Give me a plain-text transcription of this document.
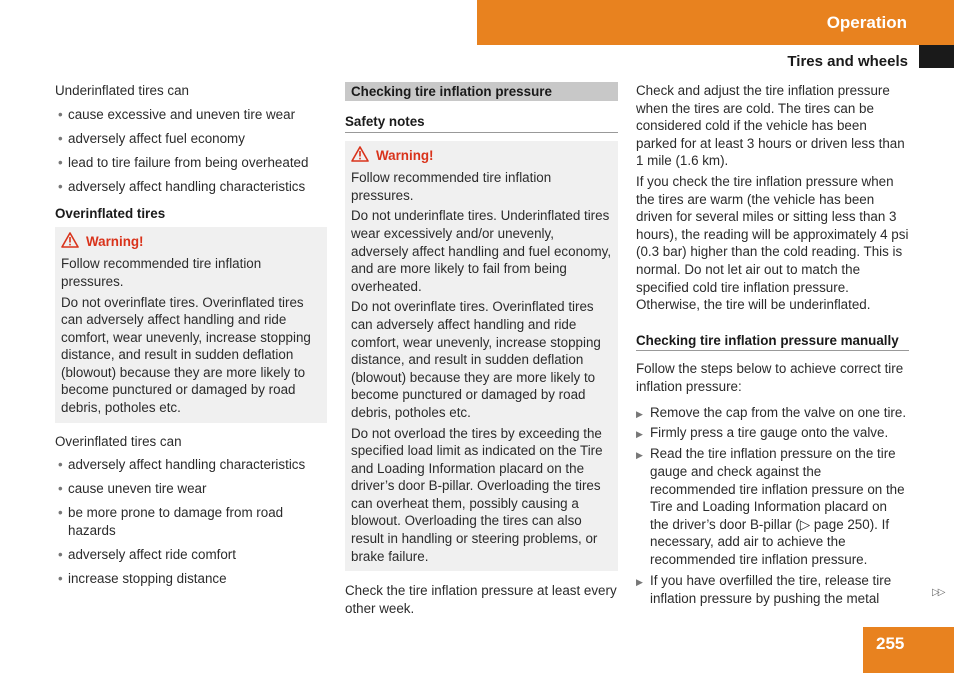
Operation
Tires and wheels

Underinflated tires can

• cause excessive and uneven tire wear
• adversely affect fuel economy
• lead to tire failure from being overheated
• adversely affect handling characteristics
Overinflated tires
Warning!

Follow recommended tire inflation pressures.

Do not overinflate tires. Overinflated tires can adversely affect handling and ride comfort, wear unevenly, increase stopping distance, and result in sudden deflation (blowout) because they are more likely to become punctured or damaged by road debris, potholes etc.

Overinflated tires can

• adversely affect handling characteristics
• cause uneven tire wear
• be more prone to damage from road hazards
• adversely affect ride comfort
• increase stopping distance
Checking tire inflation pressure
Safety notes
Warning!

Follow recommended tire inflation pressures.

Do not underinflate tires. Underinflated tires wear excessively and/or unevenly, adversely affect handling and fuel economy, and are more likely to fail from being overheated.

Do not overinflate tires. Overinflated tires can adversely affect handling and ride comfort, wear unevenly, increase stopping distance, and result in sudden deflation (blowout) because they are more likely to become punctured or damaged by road debris, potholes etc.

Do not overload the tires by exceeding the specified load limit as indicated on the Tire and Loading Information placard on the driver’s door B-pillar. Overloading the tires can overheat them, possibly causing a blowout. Overloading the tires can also result in handling or steering problems, or brake failure.

Check the tire inflation pressure at least every other week.

Check and adjust the tire inflation pressure when the tires are cold. The tires can be considered cold if the vehicle has been parked for at least 3 hours or driven less than 1 mile (1.6 km).

If you check the tire inflation pressure when the tires are warm (the vehicle has been driven for several miles or sitting less than 3 hours), the reading will be approximately 4 psi (0.3 bar) higher than the cold reading. This is normal. Do not let air out to match the specified cold tire inflation pressure. Otherwise, the tire will be underinflated.

Checking tire inflation pressure manually

Follow the steps below to achieve correct tire inflation pressure:

▶ Remove the cap from the valve on one tire.
▶ Firmly press a tire gauge onto the valve.
▶ Read the tire inflation pressure on the tire gauge and check against the recommended tire inflation pressure on the Tire and Loading Information placard on the driver’s door B-pillar (▷ page 250). If necessary, add air to achieve the recommended tire inflation pressure.
▶ If you have overfilled the tire, release tire inflation pressure by pushing the metal	▷▷
255
